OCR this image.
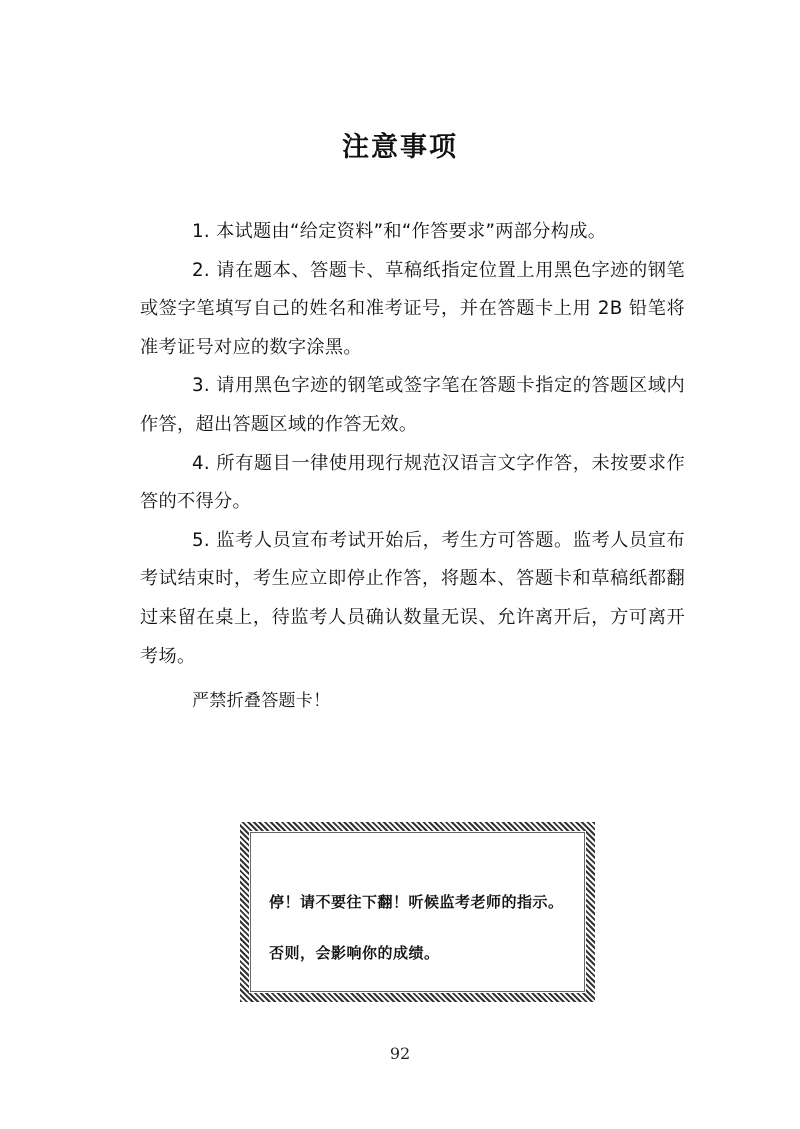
注意事项

1. 本试题由“给定资料”和“作答要求”两部分构成。

2. 请在题本、答题卡、草稿纸指定位置上用黑色字迹的钢笔或签字笔填写自己的姓名和准考证号，并在答题卡上用 2B 铅笔将准考证号对应的数字涂黑。

3. 请用黑色字迹的钢笔或签字笔在答题卡指定的答题区域内作答，超出答题区域的作答无效。

4. 所有题目一律使用现行规范汉语言文字作答，未按要求作答的不得分。

5. 监考人员宣布考试开始后，考生方可答题。监考人员宣布考试结束时，考生应立即停止作答，将题本、答题卡和草稿纸都翻过来留在桌上，待监考人员确认数量无误、允许离开后，方可离开考场。

严禁折叠答题卡！

停！请不要往下翻！听候监考老师的指示。
否则，会影响你的成绩。
92
